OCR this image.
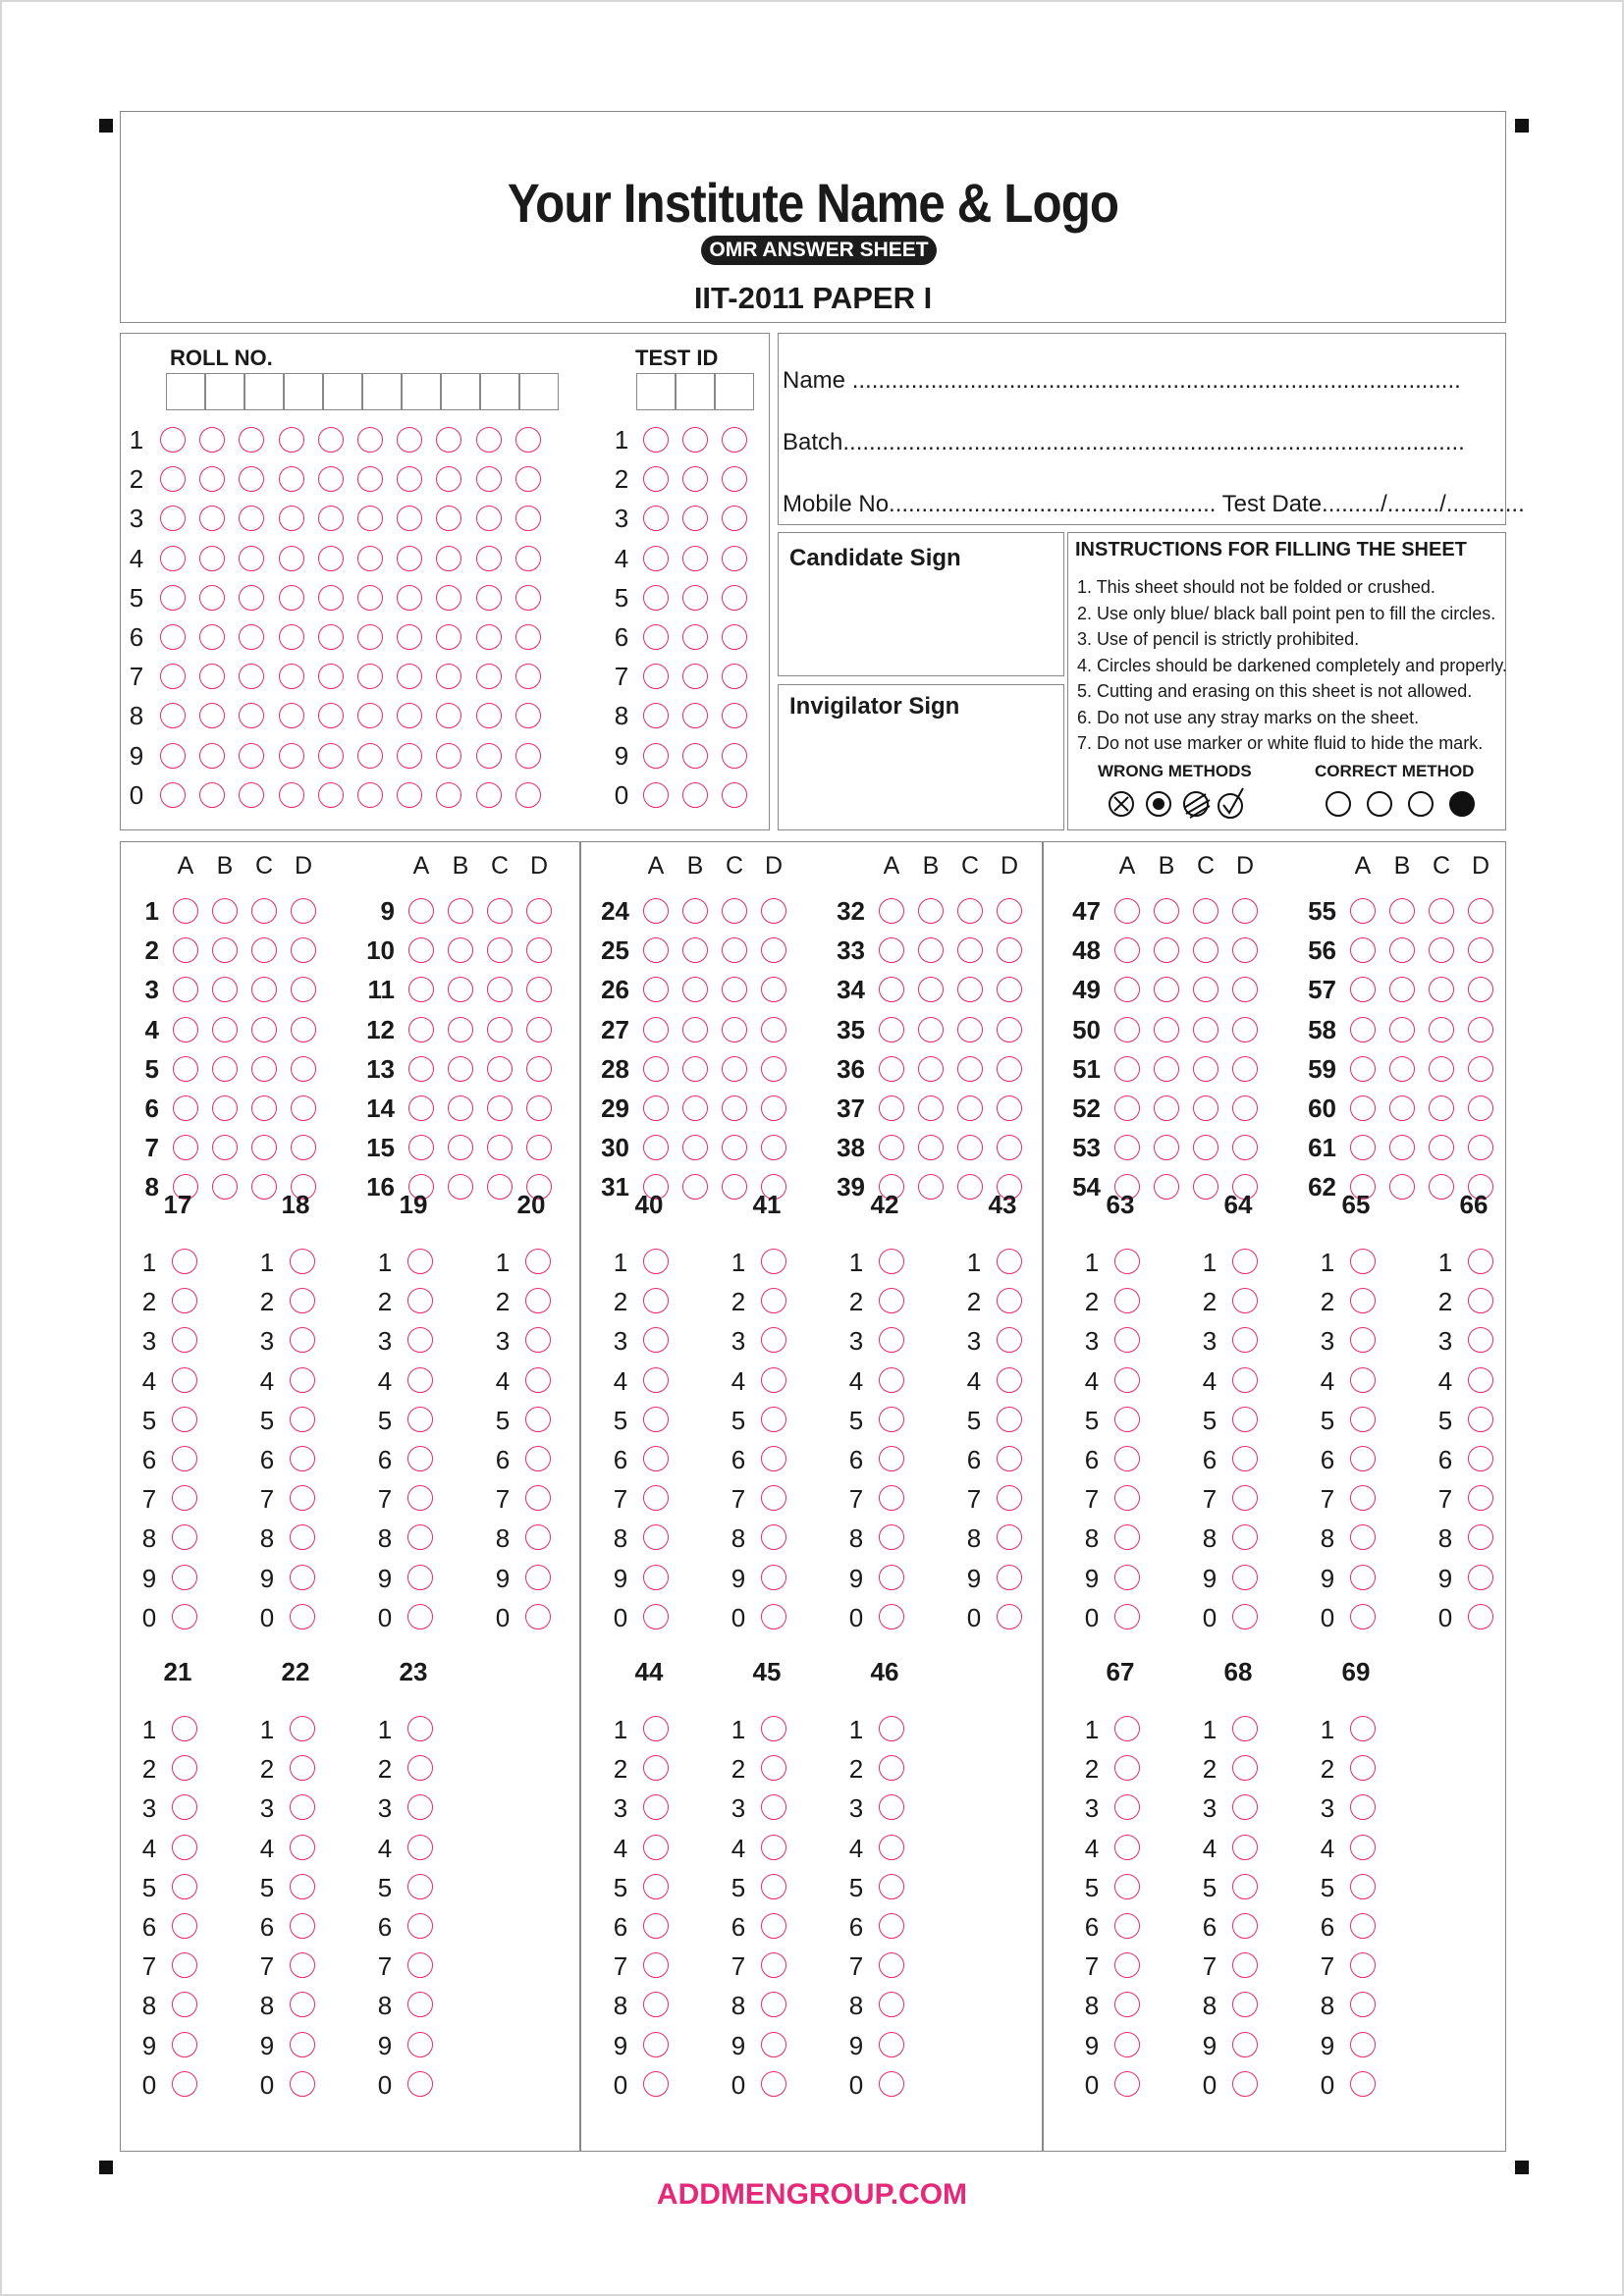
Your Institute Name & Logo
OMR ANSWER SHEET
IIT-2011 PAPER I
ROLL NO.	TEST ID
1	1
2	2
3	3
4	4
5	5
6	6
7	7
8	8
9	9
0	0
Name .............................................................................................
Batch...............................................................................................
Mobile No.................................................. Test Date........./......../............
Candidate Sign
Invigilator Sign
INSTRUCTIONS FOR FILLING THE SHEET
1. This sheet should not be folded or crushed.
2. Use only blue/ black ball point pen to fill the circles.
3. Use of pencil is strictly prohibited.
4. Circles should be darkened completely and properly.
5. Cutting and erasing on this sheet is not allowed.
6. Do not use any stray marks on the sheet.
7. Do not use marker or white fluid to hide the mark.
WRONG METHODS	CORRECT METHOD
A B C D
1
2
3
4
5
6
7
8
A B C D
9
10
11
12
13
14
15
16
A B C D
24
25
26
27
28
29
30
31
A B C D
32
33
34
35
36
37
38
39
A B C D
47
48
49
50
51
52
53
54
A B C D
55
56
57
58
59
60
61
62
17
1
2
3
4
5
6
7
8
9
0
18
1
2
3
4
5
6
7
8
9
0
19
1
2
3
4
5
6
7
8
9
0
20
1
2
3
4
5
6
7
8
9
0
40
1
2
3
4
5
6
7
8
9
0
41
1
2
3
4
5
6
7
8
9
0
42
1
2
3
4
5
6
7
8
9
0
43
1
2
3
4
5
6
7
8
9
0
63
1
2
3
4
5
6
7
8
9
0
64
1
2
3
4
5
6
7
8
9
0
65
1
2
3
4
5
6
7
8
9
0
66
1
2
3
4
5
6
7
8
9
0
21
1
2
3
4
5
6
7
8
9
0
22
1
2
3
4
5
6
7
8
9
0
23
1
2
3
4
5
6
7
8
9
0
44
1
2
3
4
5
6
7
8
9
0
45
1
2
3
4
5
6
7
8
9
0
46
1
2
3
4
5
6
7
8
9
0
67
1
2
3
4
5
6
7
8
9
0
68
1
2
3
4
5
6
7
8
9
0
69
1
2
3
4
5
6
7
8
9
0
ADDMENGROUP.COM
